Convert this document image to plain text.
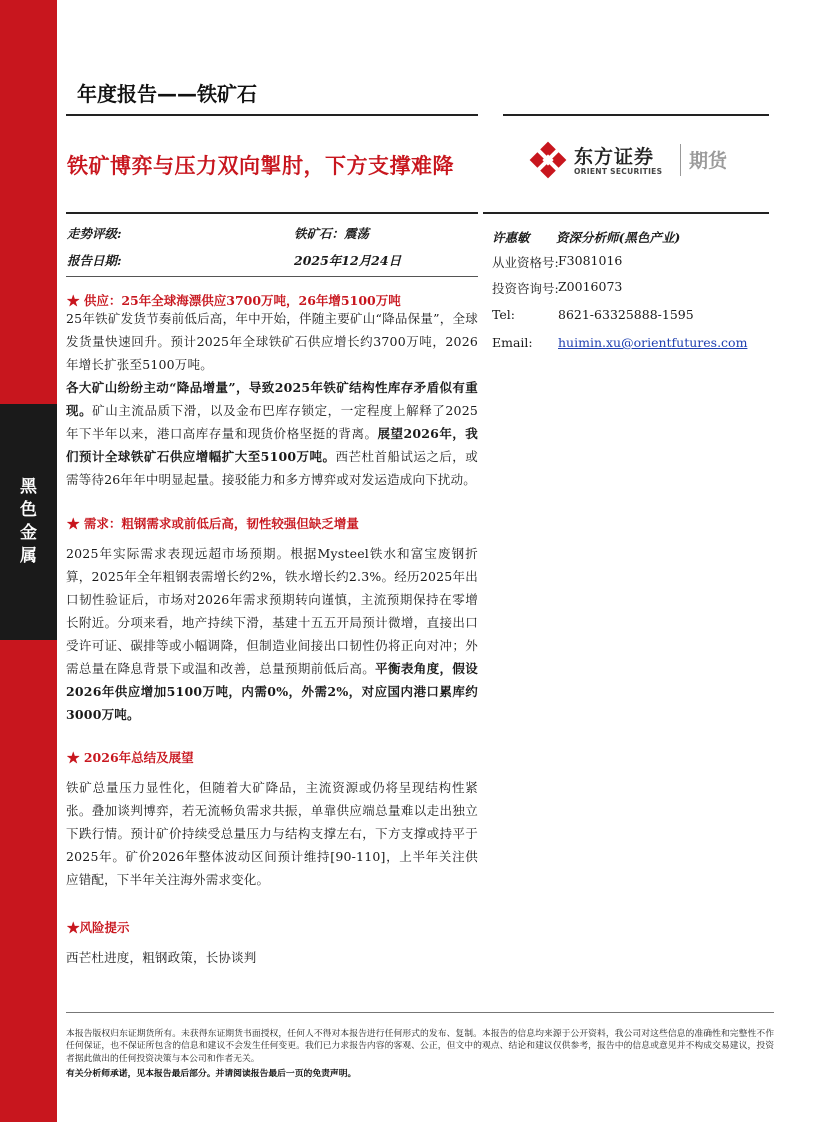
黑
色
金
属
年度报告——铁矿石
铁矿博弈与压力双向掣肘，下方支撑难降	东方证券
ORIENT SECURITIES 期货
走势评级:	铁矿石：震荡
报告日期:	2025年12月24日
许惠敏 资深分析师(黑色产业)
从业资格号: F3081016
投资咨询号: Z0016073
Tel:	8621-63325888-1595
Email: huimin.xu@orientfutures.com
★ 供应：25年全球海漂供应3700万吨，26年增5100万吨
25年铁矿发货节奏前低后高，年中开始，伴随主要矿山“降品保量”，全球发货量快速回升。预计2025年全球铁矿石供应增长约3700万吨，2026年增长扩张至5100万吨。
各大矿山纷纷主动“降品增量”，导致2025年铁矿结构性库存矛盾似有重现。矿山主流品质下滑，以及金布巴库存锁定，一定程度上解释了2025年下半年以来，港口高库存量和现货价格坚挺的背离。展望2026年，我们预计全球铁矿石供应增幅扩大至5100万吨。西芒杜首船试运之后，或需等待26年年中明显起量。接驳能力和多方博弈或对发运造成向下扰动。
★ 需求：粗钢需求或前低后高，韧性较强但缺乏增量
2025年实际需求表现远超市场预期。根据Mysteel铁水和富宝废钢折算，2025年全年粗钢表需增长约2%，铁水增长约2.3%。经历2025年出口韧性验证后，市场对2026年需求预期转向谨慎，主流预期保持在零增长附近。分项来看，地产持续下滑，基建十五五开局预计微增，直接出口受许可证、碳排等或小幅调降，但制造业间接出口韧性仍将正向对冲；外需总量在降息背景下或温和改善，总量预期前低后高。平衡表角度，假设2026年供应增加5100万吨，内需0%，外需2%，对应国内港口累库约3000万吨。
★ 2026年总结及展望
铁矿总量压力显性化，但随着大矿降品，主流资源或仍将呈现结构性紧张。叠加谈判博弈，若无流畅负需求共振，单靠供应端总量难以走出独立下跌行情。预计矿价持续受总量压力与结构支撑左右，下方支撑或持平于2025年。矿价2026年整体波动区间预计维持[90-110]，上半年关注供应错配，下半年关注海外需求变化。
★风险提示
西芒杜进度，粗钢政策，长协谈判
本报告版权归东证期货所有。未获得东证期货书面授权，任何人不得对本报告进行任何形式的发布、复制。本报告的信息均来源于公开资料，我公司对这些信息的准确性和完整性不作任何保证，也不保证所包含的信息和建议不会发生任何变更。我们已力求报告内容的客观、公正，但文中的观点、结论和建议仅供参考，报告中的信息或意见并不构成交易建议，投资者据此做出的任何投资决策与本公司和作者无关。
有关分析师承诺，见本报告最后部分。并请阅读报告最后一页的免责声明。
